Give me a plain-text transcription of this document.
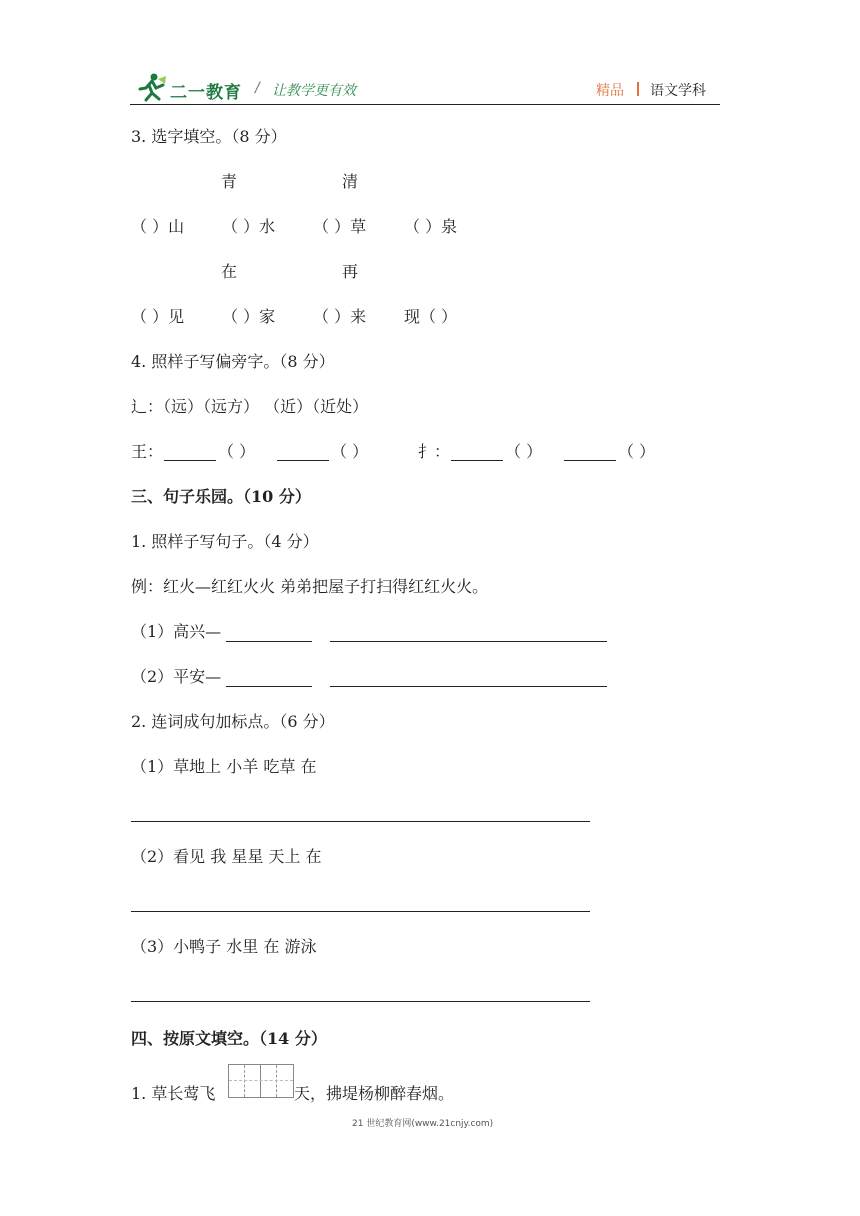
二一教育 / 让教学更有效	精品 语文学科
3. 选字填空。（8 分）
青	清
（ ）山 （ ）水 （ ）草 （ ）泉
在	再
（ ）见 （ ）家 （ ）来 现（ ）
4. 照样子写偏旁字。（8 分）
辶：（远）（远方） （近）（近处）
王：	（ ）	（ ）	扌：	（ ）	（ ）
三、句子乐园。（10 分）
1. 照样子写句子。（4 分）
例：红火—红红火火 弟弟把屋子打扫得红红火火。
（1）高兴—
（2）平安—
2. 连词成句加标点。（6 分）
（1）草地上 小羊 吃草 在
（2）看见 我 星星 天上 在
（3）小鸭子 水里 在 游泳
四、按原文填空。（14 分）
1. 草长莺飞	天，拂堤杨柳醉春烟。
21 世纪教育网(www.21cnjy.com)
